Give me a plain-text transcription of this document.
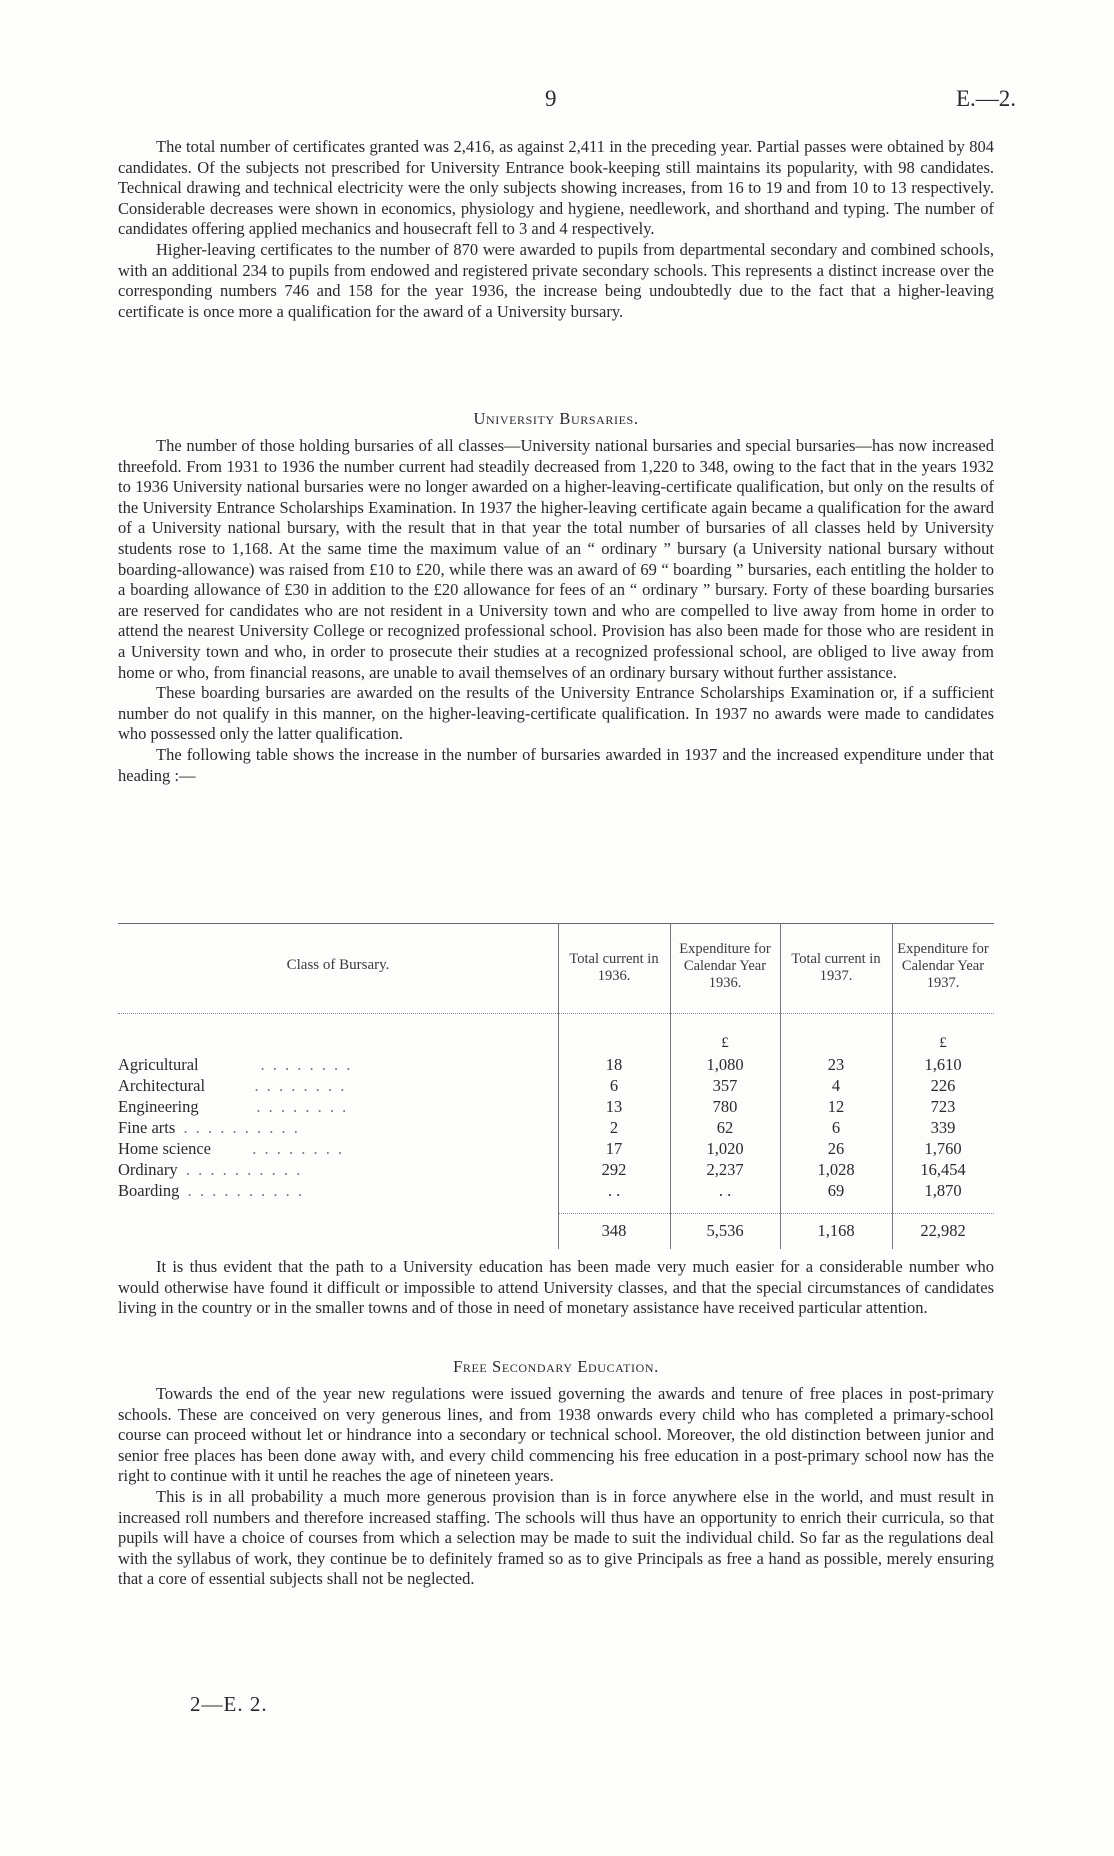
9	E.—2.

The total number of certificates granted was 2,416, as against 2,411 in the preceding year. Partial passes were obtained by 804 candidates. Of the subjects not prescribed for University Entrance book-keeping still maintains its popularity, with 98 candidates. Technical drawing and technical electricity were the only subjects showing increases, from 16 to 19 and from 10 to 13 respectively. Considerable decreases were shown in economics, physiology and hygiene, needlework, and shorthand and typing. The number of candidates offering applied mechanics and housecraft fell to 3 and 4 respectively.

Higher-leaving certificates to the number of 870 were awarded to pupils from departmental secondary and combined schools, with an additional 234 to pupils from endowed and registered private secondary schools. This represents a distinct increase over the corresponding numbers 746 and 158 for the year 1936, the increase being undoubtedly due to the fact that a higher-leaving certificate is once more a qualification for the award of a University bursary.

University Bursaries.

The number of those holding bursaries of all classes—University national bursaries and special bursaries—has now increased threefold. From 1931 to 1936 the number current had steadily decreased from 1,220 to 348, owing to the fact that in the years 1932 to 1936 University national bursaries were no longer awarded on a higher-leaving-certificate qualification, but only on the results of the University Entrance Scholarships Examination. In 1937 the higher-leaving certificate again became a qualification for the award of a University national bursary, with the result that in that year the total number of bursaries of all classes held by University students rose to 1,168. At the same time the maximum value of an “ ordinary ” bursary (a University national bursary without boarding-allowance) was raised from £10 to £20, while there was an award of 69 “ boarding ” bursaries, each entitling the holder to a boarding allowance of £30 in addition to the £20 allowance for fees of an “ ordinary ” bursary. Forty of these boarding bursaries are reserved for candidates who are not resident in a University town and who are compelled to live away from home in order to attend the nearest University College or recognized professional school. Provision has also been made for those who are resident in a University town and who, in order to prosecute their studies at a recognized professional school, are obliged to live away from home or who, from financial reasons, are unable to avail themselves of an ordinary bursary without further assistance.

These boarding bursaries are awarded on the results of the University Entrance Scholarships Examination or, if a sufficient number do not qualify in this manner, on the higher-leaving-certificate qualification. In 1937 no awards were made to candidates who possessed only the latter qualification.

The following table shows the increase in the number of bursaries awarded in 1937 and the increased expenditure under that heading :—

Class of Bursary.	Total current in 1936.
Expenditure for Calendar Year 1936.
Total current in 1937.
Expenditure for Calendar Year 1937.
£	£
Agricultural	. . . . . . . .	18	1,080	23	1,610
Architectural	. . . . . . . .	6	357	4	226
Engineering	. . . . . . . .	13	780	12	723
Fine arts . . . . . . . . . .	2	62	6	339
Home science	. . . . . . . .	17	1,020	26	1,760
Ordinary . . . . . . . . . .	292	2,237	1,028	16,454
Boarding . . . . . . . . . .	. .	. .	69	1,870
348	5,536	1,168	22,982

It is thus evident that the path to a University education has been made very much easier for a considerable number who would otherwise have found it difficult or impossible to attend University classes, and that the special circumstances of candidates living in the country or in the smaller towns and of those in need of monetary assistance have received particular attention.

Free Secondary Education.

Towards the end of the year new regulations were issued governing the awards and tenure of free places in post-primary schools. These are conceived on very generous lines, and from 1938 onwards every child who has completed a primary-school course can proceed without let or hindrance into a secondary or technical school. Moreover, the old distinction between junior and senior free places has been done away with, and every child commencing his free education in a post-primary school now has the right to continue with it until he reaches the age of nineteen years.

This is in all probability a much more generous provision than is in force anywhere else in the world, and must result in increased roll numbers and therefore increased staffing. The schools will thus have an opportunity to enrich their curricula, so that pupils will have a choice of courses from which a selection may be made to suit the individual child. So far as the regulations deal with the syllabus of work, they continue be to definitely framed so as to give Principals as free a hand as possible, merely ensuring that a core of essential subjects shall not be neglected.

2—E. 2.
